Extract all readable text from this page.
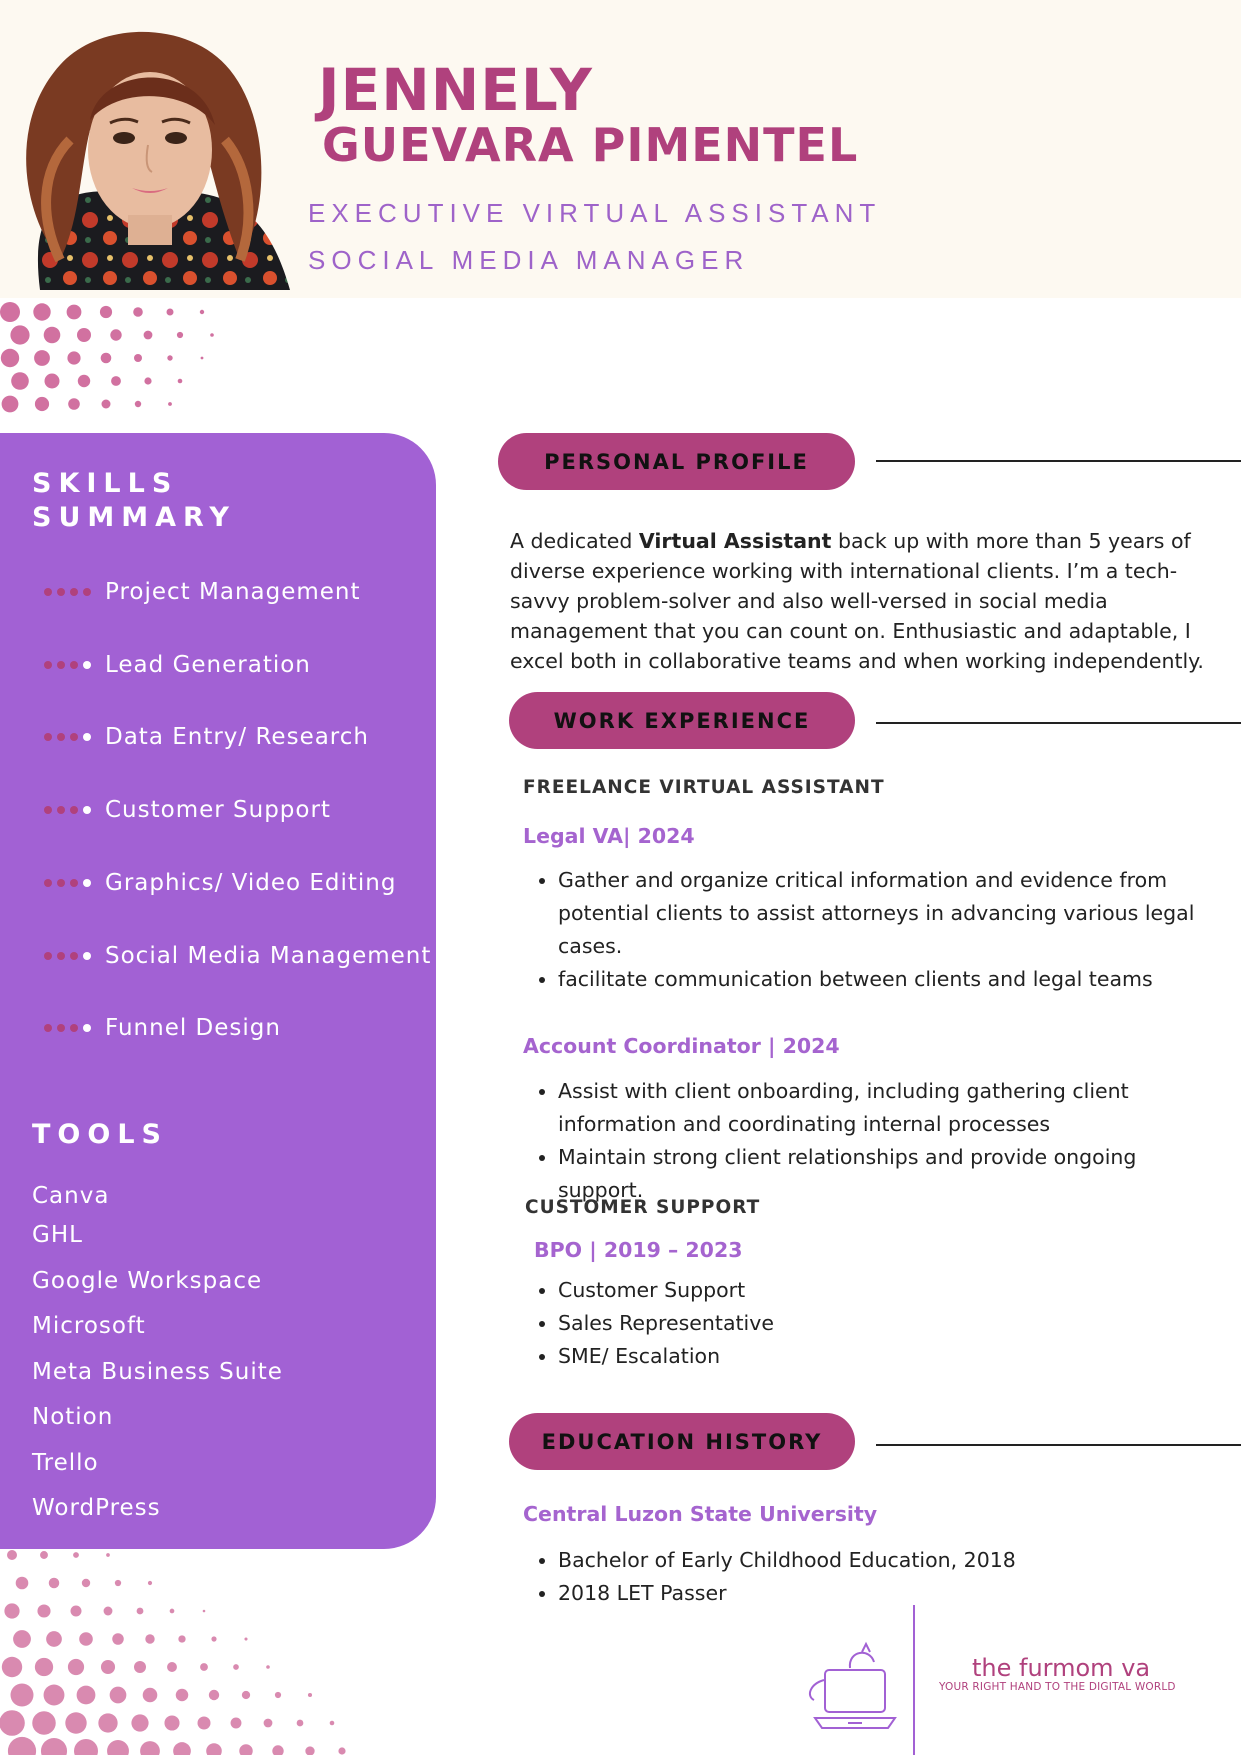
JENNELY
GUEVARA PIMENTEL
EXECUTIVE VIRTUAL ASSISTANT
SOCIAL MEDIA MANAGER
SKILLS
SUMMARY
Project Management
Lead Generation
Data Entry/ Research
Customer Support
Graphics/ Video Editing
Social Media Management
Funnel Design
TOOLS
Canva
GHL
Google Workspace
Microsoft
Meta Business Suite
Notion
Trello
WordPress
PERSONAL PROFILE

A dedicated Virtual Assistant back up with more than 5 years of diverse experience working with international clients. I’m a tech-savvy problem-solver and also well-versed in social media management that you can count on. Enthusiastic and adaptable, I excel both in collaborative teams and when working independently.

WORK EXPERIENCE
FREELANCE VIRTUAL ASSISTANT
Legal VA| 2024
• Gather and organize critical information and evidence from potential clients to assist attorneys in advancing various legal cases.
• facilitate communication between clients and legal teams
Account Coordinator | 2024
• Assist with client onboarding, including gathering client information and coordinating internal processes
• Maintain strong client relationships and provide ongoing support.
CUSTOMER SUPPORT
BPO | 2019 – 2023
• Customer Support
• Sales Representative
• SME/ Escalation
EDUCATION HISTORY
Central Luzon State University
• Bachelor of Early Childhood Education, 2018
• 2018 LET Passer
the furmom va
YOUR RIGHT HAND TO THE DIGITAL WORLD
